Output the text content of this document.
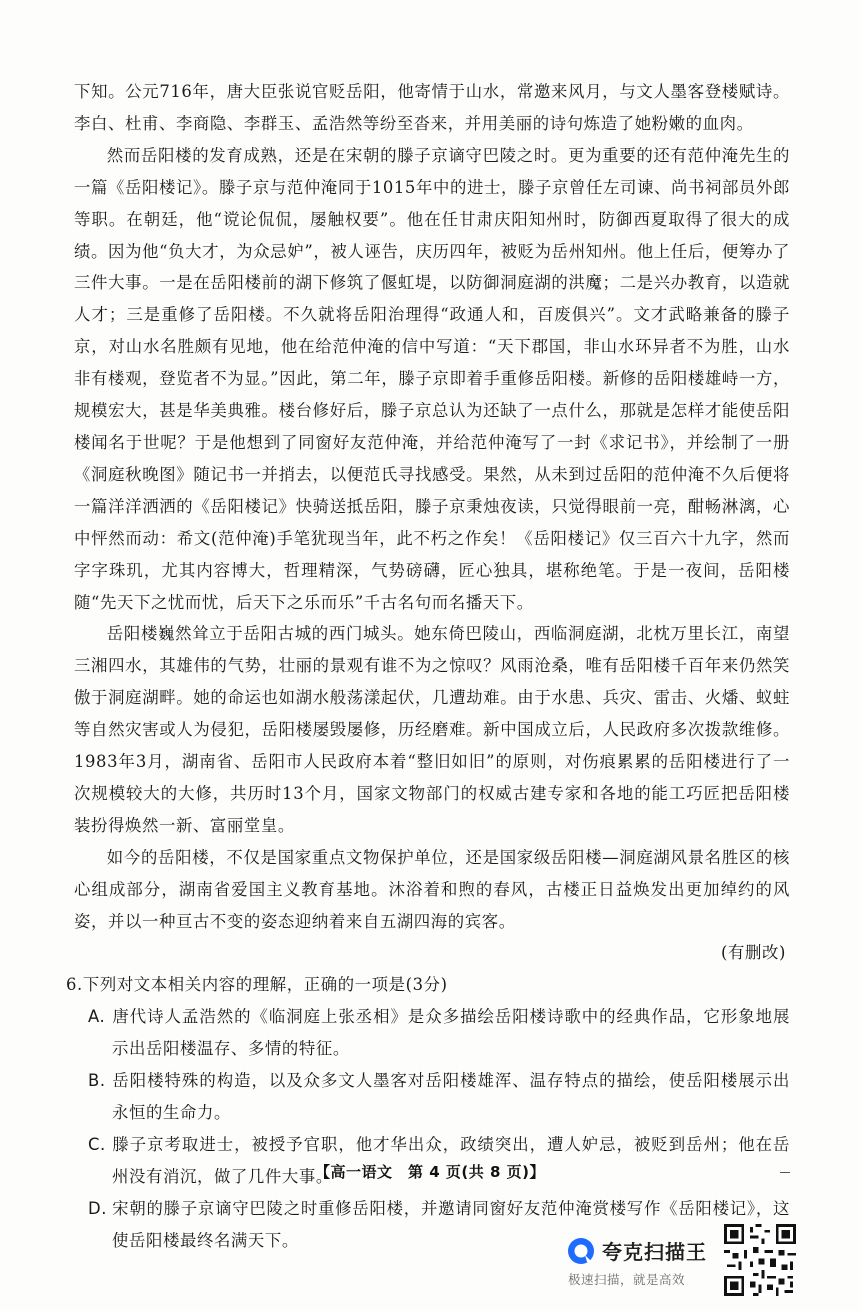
下知。公元716年，唐大臣张说官贬岳阳，他寄情于山水，常邀来风月，与文人墨客登楼赋诗。李白、杜甫、李商隐、李群玉、孟浩然等纷至沓来，并用美丽的诗句炼造了她粉嫩的血肉。

然而岳阳楼的发育成熟，还是在宋朝的滕子京谪守巴陵之时。更为重要的还有范仲淹先生的一篇《岳阳楼记》。滕子京与范仲淹同于1015年中的进士，滕子京曾任左司谏、尚书祠部员外郎等职。在朝廷，他“谠论侃侃，屡触权要”。他在任甘肃庆阳知州时，防御西夏取得了很大的成绩。因为他“负大才，为众忌妒”，被人诬告，庆历四年，被贬为岳州知州。他上任后，便筹办了三件大事。一是在岳阳楼前的湖下修筑了偃虹堤，以防御洞庭湖的洪魔；二是兴办教育，以造就人才；三是重修了岳阳楼。不久就将岳阳治理得“政通人和，百废俱兴”。文才武略兼备的滕子京，对山水名胜颇有见地，他在给范仲淹的信中写道：“天下郡国，非山水环异者不为胜，山水非有楼观，登览者不为显。”因此，第二年，滕子京即着手重修岳阳楼。新修的岳阳楼雄峙一方，规模宏大，甚是华美典雅。楼台修好后，滕子京总认为还缺了一点什么，那就是怎样才能使岳阳楼闻名于世呢？于是他想到了同窗好友范仲淹，并给范仲淹写了一封《求记书》，并绘制了一册《洞庭秋晚图》随记书一并捎去，以便范氏寻找感受。果然，从未到过岳阳的范仲淹不久后便将一篇洋洋洒洒的《岳阳楼记》快骑送抵岳阳，滕子京秉烛夜读，只觉得眼前一亮，酣畅淋漓，心中怦然而动：希文(范仲淹)手笔犹现当年，此不朽之作矣！《岳阳楼记》仅三百六十九字，然而字字珠玑，尤其内容博大，哲理精深，气势磅礴，匠心独具，堪称绝笔。于是一夜间，岳阳楼随“先天下之忧而忧，后天下之乐而乐”千古名句而名播天下。

岳阳楼巍然耸立于岳阳古城的西门城头。她东倚巴陵山，西临洞庭湖，北枕万里长江，南望三湘四水，其雄伟的气势，壮丽的景观有谁不为之惊叹？风雨沧桑，唯有岳阳楼千百年来仍然笑傲于洞庭湖畔。她的命运也如湖水般荡漾起伏，几遭劫难。由于水患、兵灾、雷击、火燔、蚁蛀等自然灾害或人为侵犯，岳阳楼屡毁屡修，历经磨难。新中国成立后，人民政府多次拨款维修。1983年3月，湖南省、岳阳市人民政府本着“整旧如旧”的原则，对伤痕累累的岳阳楼进行了一次规模较大的大修，共历时13个月，国家文物部门的权威古建专家和各地的能工巧匠把岳阳楼装扮得焕然一新、富丽堂皇。

如今的岳阳楼，不仅是国家重点文物保护单位，还是国家级岳阳楼—洞庭湖风景名胜区的核心组成部分，湖南省爱国主义教育基地。沐浴着和煦的春风，古楼正日益焕发出更加绰约的风姿，并以一种亘古不变的姿态迎纳着来自五湖四海的宾客。

(有删改)

6.下列对文本相关内容的理解，正确的一项是(3分)

A. 唐代诗人孟浩然的《临洞庭上张丞相》是众多描绘岳阳楼诗歌中的经典作品，它形象地展示出岳阳楼温存、多情的特征。

B. 岳阳楼特殊的构造，以及众多文人墨客对岳阳楼雄浑、温存特点的描绘，使岳阳楼展示出永恒的生命力。

C. 滕子京考取进士，被授予官职，他才华出众，政绩突出，遭人妒忌，被贬到岳州；他在岳州没有消沉，做了几件大事。

D. 宋朝的滕子京谪守巴陵之时重修岳阳楼，并邀请同窗好友范仲淹赏楼写作《岳阳楼记》，这使岳阳楼最终名满天下。

【高一语文　第 4 页(共 8 页)】
夸克扫描王
极速扫描，就是高效
